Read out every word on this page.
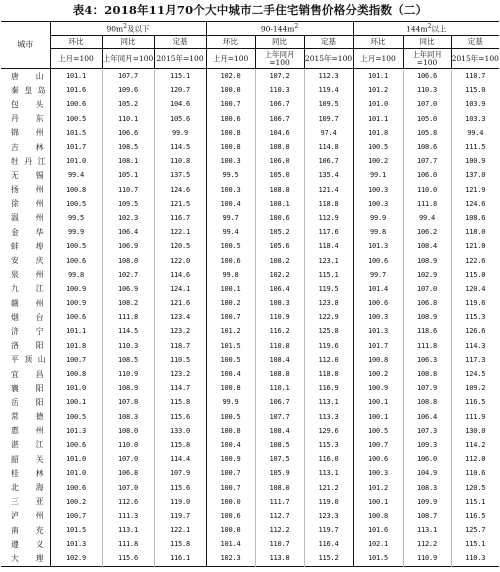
表4：2018年11月70个大中城市二手住宅销售价格分类指数（二）
城市	$90m^2$及以下			$90-144m^2$			$144m^2$以上		
	环比	同比	定基	环比	同比	定基	环比	同比	定基
	上月=100	上年同月=100	2015年=100	上月=100	上年同月=100	2015年=100	上月=100	上年同月=100	2015年=100

唐 山	101.1	107.7	115.1	102.0	107.2	112.3	101.1	106.6	110.7

秦 皇 岛	101.6	109.6	120.7	100.8	110.3	119.4	101.2	110.3	115.0

包 头	100.6	105.2	104.6	100.7	106.7	109.5	101.0	107.0	103.9

丹 东	100.5	110.1	105.6	100.6	106.7	109.7	101.1	105.0	103.3

锦 州	101.5	106.6	99.9	100.8	104.6	97.4	101.8	105.8	99.4

吉 林	101.7	108.5	114.5	100.8	108.8	114.8	100.5	108.6	111.5

牡 丹 江	101.0	108.1	110.8	100.3	106.0	106.7	100.2	107.7	100.9

无 锡	99.4	105.1	137.5	99.5	105.0	135.4	99.1	106.0	137.0

扬 州	100.8	110.7	124.6	100.3	108.8	121.4	100.3	110.0	121.9

徐 州	100.5	109.5	121.5	100.4	108.1	118.8	100.3	111.8	124.6

温 州	99.5	102.3	116.7	99.7	100.6	112.9	99.9	99.4	108.6

金 华	99.9	106.4	122.1	99.4	105.2	117.6	99.8	106.2	118.0

蚌 埠	100.5	106.9	120.5	100.5	105.6	118.4	101.3	108.4	121.0

安 庆	100.6	108.0	122.0	100.6	108.2	123.1	100.6	108.9	122.6

泉 州	99.8	102.7	114.6	99.8	102.2	115.1	99.7	102.9	115.0

九 江	100.9	106.9	124.1	100.1	106.4	119.5	101.4	107.0	120.4

赣 州	100.9	108.2	121.6	100.2	108.3	123.8	100.6	106.8	119.6

烟 台	100.6	111.8	123.4	100.7	110.9	122.9	100.3	108.9	115.3

济 宁	101.1	114.5	123.2	101.2	116.2	125.8	101.3	118.6	126.6

洛 阳	101.8	110.3	118.7	101.5	110.8	119.6	101.7	111.8	114.3

平 顶 山	100.7	108.5	110.5	100.5	108.4	112.0	100.8	106.3	117.3

宜 昌	100.8	110.9	123.2	100.4	108.8	118.8	100.2	108.8	124.5

襄 阳	101.0	108.9	114.7	100.8	110.1	116.9	100.9	107.9	109.2

岳 阳	100.1	107.8	115.8	99.9	106.7	113.1	100.1	108.8	116.5

常 德	100.5	108.3	115.6	100.5	107.7	113.3	100.1	106.4	111.9

惠 州	101.3	108.0	133.0	100.8	108.4	129.6	100.5	107.3	130.0

湛 江	100.6	110.0	115.8	100.4	108.5	115.3	100.7	109.3	114.2

韶 关	101.0	107.0	114.4	100.9	107.5	116.0	100.6	106.0	112.0

桂 林	101.0	106.8	107.9	100.7	105.9	113.1	100.3	104.9	110.6

北 海	100.6	107.0	115.6	100.7	108.0	121.2	101.2	108.3	120.5

三 亚	100.2	112.6	119.0	100.0	111.7	119.0	100.1	109.9	115.1

泸 州	100.7	111.3	119.7	100.6	112.7	123.3	100.8	108.7	116.5

南 充	101.5	113.1	122.1	100.8	112.2	119.7	101.6	113.1	125.7

遵 义	101.3	111.8	115.8	101.4	110.7	116.4	102.1	112.2	115.1

大 理	102.9	115.6	116.1	102.3	113.8	115.2	101.5	110.9	110.3
